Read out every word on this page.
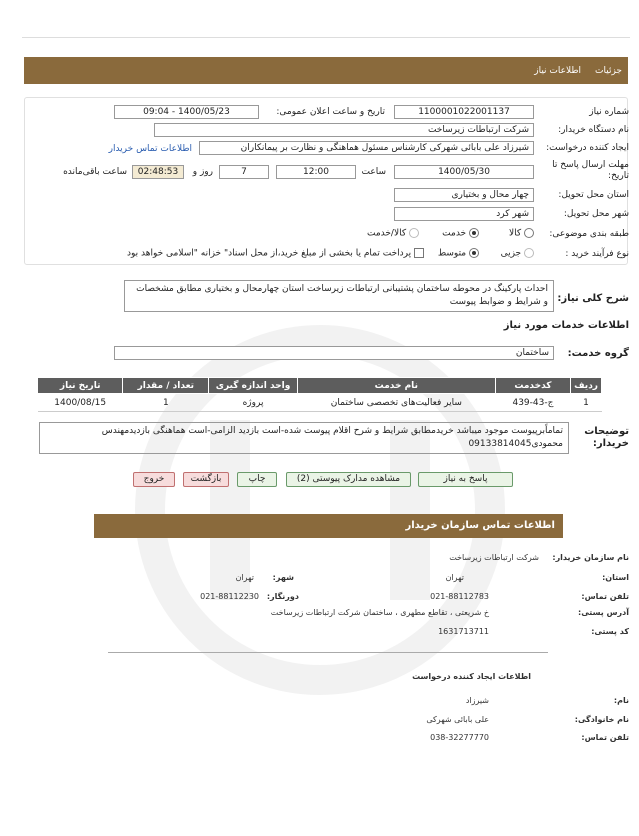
جزئیات
اطلاعات نیاز
شماره نیاز
1100001022001137
تاریخ و ساعت اعلان عمومی:
1400/05/23 - 09:04
نام دستگاه خریدار:
شرکت ارتباطات زیرساخت
ایجاد کننده درخواست:
شیرزاد علی بابائی شهرکی کارشناس مسئول هماهنگی و نظارت بر پیمانکاران
اطلاعات تماس خریدار
مهلت ارسال پاسخ تا تاریخ:
1400/05/30
ساعت
12:00
7
روز و
02:48:53
ساعت باقی‌مانده
استان محل تحویل:
چهار محال و بختیاری
شهر محل تحویل:
شهر کرد
طبقه بندی موضوعی:
کالا
خدمت
کالا/خدمت
نوع فرآیند خرید :
جزیی
متوسط
پرداخت تمام یا بخشی از مبلغ خرید،از محل اسناد" خزانه "اسلامی خواهد بود
شرح کلی نیاز:
احداث پارکینگ در محوطه ساختمان پشتیبانی ارتباطات زیرساخت استان چهارمحال و بختیاری مطابق مشخصات و شرایط و ضوابط پیوست
اطلاعات خدمات مورد نیاز
گروه خدمت:
ساختمان
ردیف	کدخدمت	نام خدمت	واحد اندازه گیری	تعداد / مقدار	تاریخ نیاز
1	ج-43-439	سایر فعالیت‌های تخصصی ساختمان	پروژه	1	1400/08/15
توضیحات خریدار:
تماماًبرپیوست موجود میباشد خریدمطابق شرایط و شرح اقلام پیوست شده-است بازدید الزامی-است هماهنگی بازدیدمهندس محمودی09133814045
پاسخ به نیاز
مشاهده مدارک پیوستی (2)
چاپ
بازگشت
خروج
اطلاعات تماس سازمان خریدار
نام سازمان خریدار:
شرکت ارتباطات زیرساخت
استان:
تهران
شهر:
تهران
تلفن تماس:
021-88112783
دورنگار:
021-88112230
آدرس پستی:
خ شریعتی ، تقاطع مطهری ، ساختمان شرکت ارتباطات زیرساخت
کد پستی:
1631713711
اطلاعات ایجاد کننده درخواست
نام:
شیرزاد
نام خانوادگی:
علی بابائی شهرکی
تلفن تماس:
038-32277770
